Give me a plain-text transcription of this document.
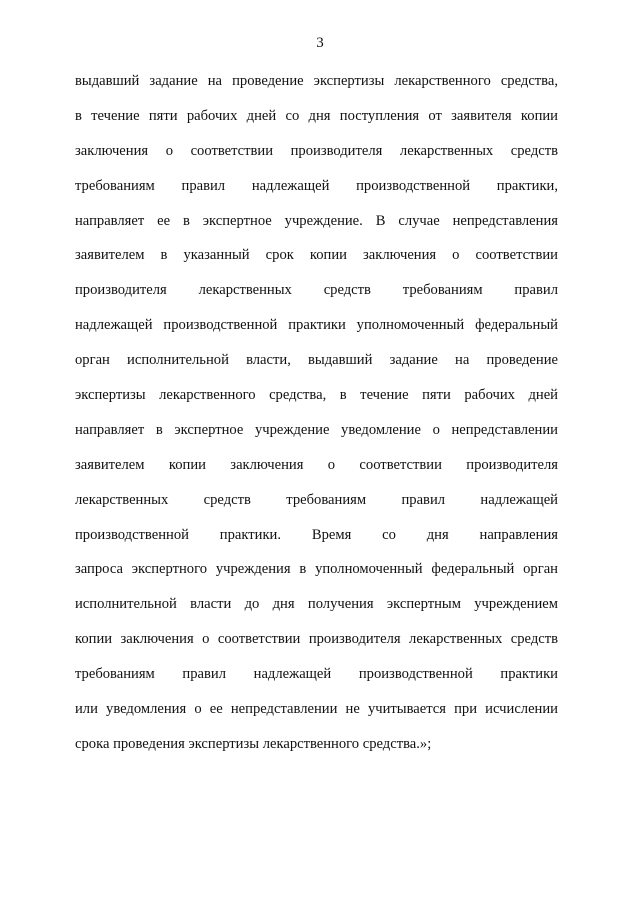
3
выдавший задание на проведение экспертизы лекарственного средства,
в течение пяти рабочих дней со дня поступления от заявителя копии
заключения о соответствии производителя лекарственных средств
требованиям правил надлежащей производственной практики,
направляет ее в экспертное учреждение. В случае непредставления
заявителем в указанный срок копии заключения о соответствии
производителя лекарственных средств требованиям правил
надлежащей производственной практики уполномоченный федеральный
орган исполнительной власти, выдавший задание на проведение
экспертизы лекарственного средства, в течение пяти рабочих дней
направляет в экспертное учреждение уведомление о непредставлении
заявителем копии заключения о соответствии производителя
лекарственных средств требованиям правил надлежащей
производственной практики. Время со дня направления
запроса экспертного учреждения в уполномоченный федеральный орган
исполнительной власти до дня получения экспертным учреждением
копии заключения о соответствии производителя лекарственных средств
требованиям правил надлежащей производственной практики
или уведомления о ее непредставлении не учитывается при исчислении
срока проведения экспертизы лекарственного средства.»;
